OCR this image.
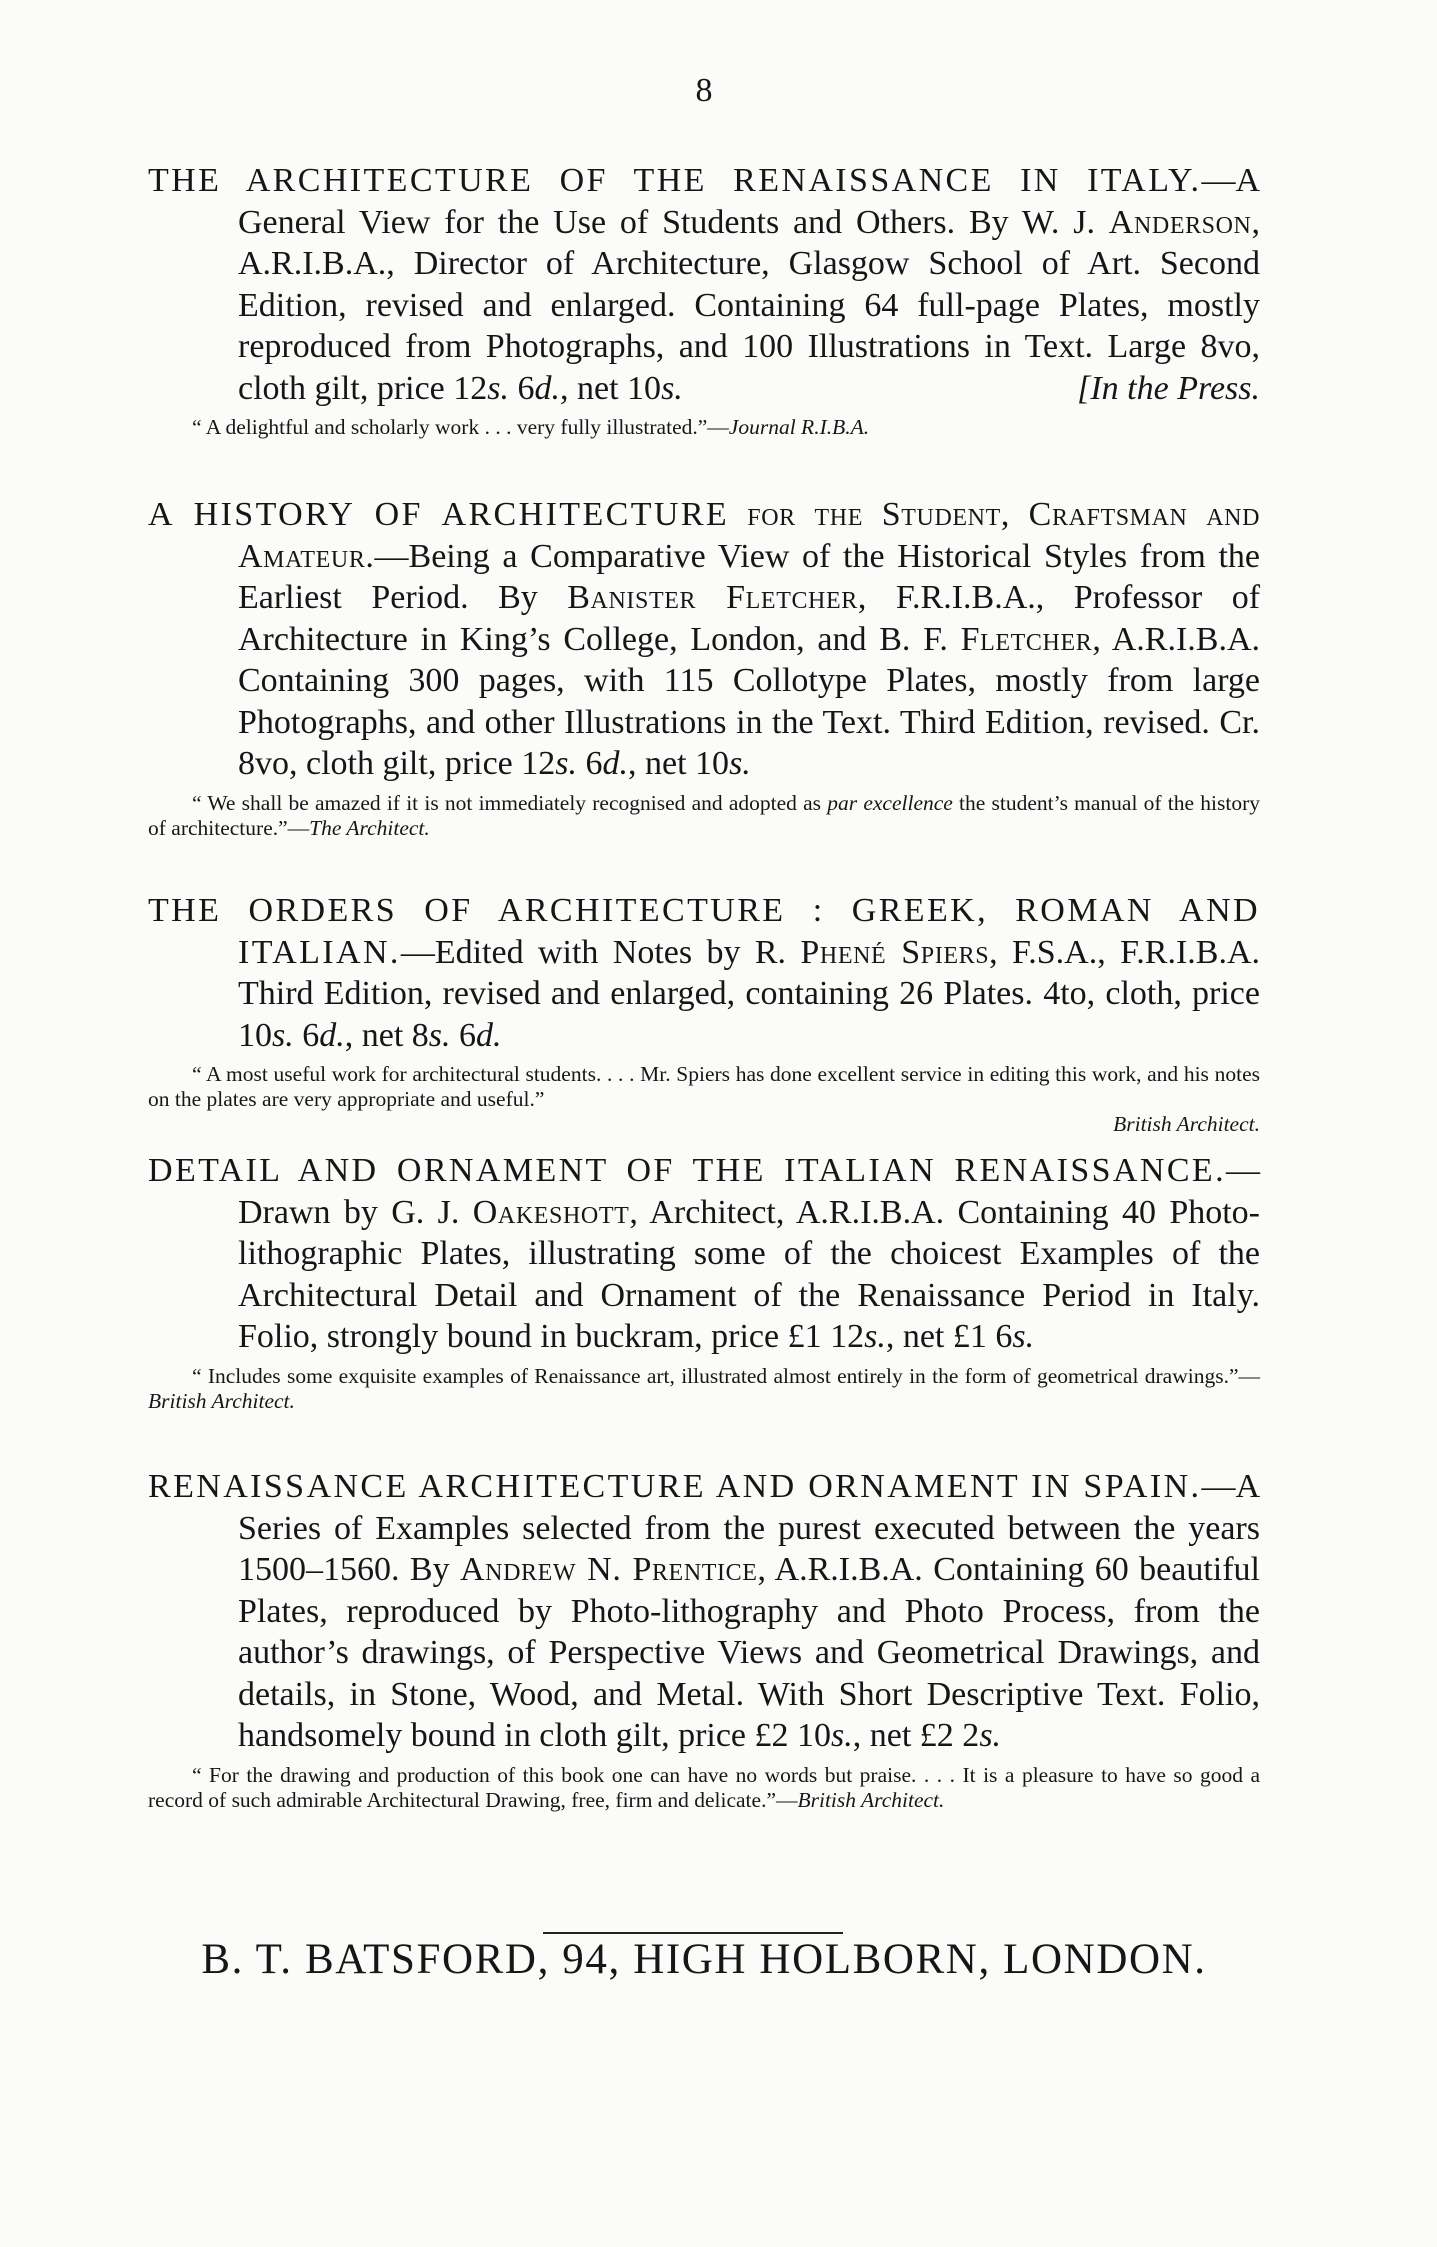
8

THE ARCHITECTURE OF THE RENAISSANCE IN ITALY.—A General View for the Use of Students and Others. By W. J. Anderson, A.R.I.B.A., Director of Architecture, Glasgow School of Art. Second Edition, revised and enlarged. Containing 64 full-page Plates, mostly reproduced from Photographs, and 100 Illustrations in Text. Large 8vo, cloth gilt, price 12s. 6d., net 10s.	[In the Press.

“ A delightful and scholarly work . . . very fully illustrated.”—Journal R.I.B.A.

A HISTORY OF ARCHITECTURE for the Student, Craftsman and Amateur.—Being a Comparative View of the Historical Styles from the Earliest Period. By Banister Fletcher, F.R.I.B.A., Professor of Architecture in King’s College, London, and B. F. Fletcher, A.R.I.B.A. Containing 300 pages, with 115 Collotype Plates, mostly from large Photographs, and other Illustrations in the Text. Third Edition, revised. Cr. 8vo, cloth gilt, price 12s. 6d., net 10s.

“ We shall be amazed if it is not immediately recognised and adopted as par excellence the student’s manual of the history of architecture.”—The Architect.

THE ORDERS OF ARCHITECTURE : GREEK, ROMAN AND ITALIAN.—Edited with Notes by R. Phené Spiers, F.S.A., F.R.I.B.A. Third Edition, revised and enlarged, containing 26 Plates. 4to, cloth, price 10s. 6d., net 8s. 6d.

“ A most useful work for architectural students. . . . Mr. Spiers has done excellent service in editing this work, and his notes on the plates are very appropriate and useful.”

British Architect.

DETAIL AND ORNAMENT OF THE ITALIAN RENAISSANCE.—Drawn by G. J. Oakeshott, Architect, A.R.I.B.A. Containing 40 Photo-lithographic Plates, illustrating some of the choicest Examples of the Architectural Detail and Ornament of the Renaissance Period in Italy. Folio, strongly bound in buckram, price £1 12s., net £1 6s.

“ Includes some exquisite examples of Renaissance art, illustrated almost entirely in the form of geometrical drawings.”—British Architect.

RENAISSANCE ARCHITECTURE AND ORNAMENT IN SPAIN.—A Series of Examples selected from the purest executed between the years 1500–1560. By Andrew N. Prentice, A.R.I.B.A. Containing 60 beautiful Plates, reproduced by Photo-lithography and Photo Process, from the author’s drawings, of Perspective Views and Geometrical Drawings, and details, in Stone, Wood, and Metal. With Short Descriptive Text. Folio, handsomely bound in cloth gilt, price £2 10s., net £2 2s.

“ For the drawing and production of this book one can have no words but praise. . . . It is a pleasure to have so good a record of such admirable Architectural Drawing, free, firm and delicate.”—British Architect.

B. T. BATSFORD, 94, HIGH HOLBORN, LONDON.
